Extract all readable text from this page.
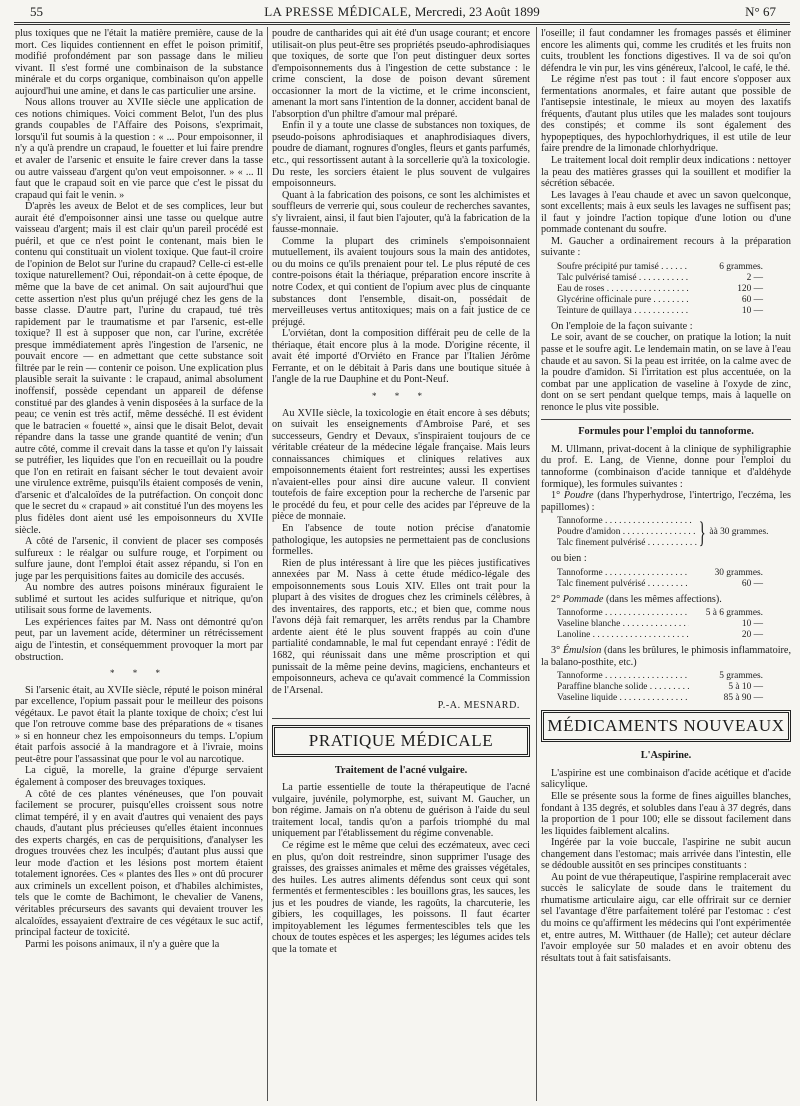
55	LA PRESSE MÉDICALE, Mercredi, 23 Août 1899	N° 67

plus toxiques que ne l'était la matière première, cause de la mort. Ces liquides contiennent en effet le poison primitif, modifié profondément par son passage dans le milieu vivant. Il s'est formé une combinaison de la substance minérale et du corps organique, combinaison qu'on appelle aujourd'hui une amine, et dans le cas particulier une arsine.

Nous allons trouver au XVIIe siècle une application de ces notions chimiques. Voici comment Belot, l'un des plus grands coupables de l'Affaire des Poisons, s'exprimait, lorsqu'il fut soumis à la question : « ... Pour empoisonner, il n'y a qu'à prendre un crapaud, le fouetter et lui faire prendre et avaler de l'arsenic et ensuite le faire crever dans la tasse ou autre vaisseau d'argent qu'on veut empoisonner. » « ... Il faut que le crapaud soit en vie parce que c'est le pissat du crapaud qui fait le venin. »

D'après les aveux de Belot et de ses complices, leur but aurait été d'empoisonner ainsi une tasse ou quelque autre vaisseau d'argent; mais il est clair qu'un pareil procédé est puéril, et que ce n'est point le contenant, mais bien le contenu qui constituait un violent toxique. Que faut-il croire de l'opinion de Belot sur l'urine du crapaud? Celle-ci est-elle toxique naturellement? Oui, répondait-on à cette époque, de même que la bave de cet animal. On sait aujourd'hui que cette assertion n'est plus qu'un préjugé chez les gens de la basse classe. D'autre part, l'urine du crapaud, tué très rapidement par le traumatisme et par l'arsenic, est-elle toxique? Il est à supposer que non, car l'urine, excrétée presque immédiatement après l'ingestion de l'arsenic, ne pouvait encore — en admettant que cette substance soit filtrée par le rein — contenir ce poison. Une explication plus plausible serait la suivante : le crapaud, animal absolument inoffensif, possède cependant un appareil de défense constitué par des glandes à venin disposées à la surface de la peau; ce venin est très actif, même desséché. Il est évident que le batracien « fouetté », ainsi que le disait Belot, devait répandre dans la tasse une grande quantité de venin; d'un autre côté, comme il crevait dans la tasse et qu'on l'y laissait se putréfier, les liquides que l'on en recueillait ou la poudre que l'on en retirait en faisant sécher le tout devaient avoir une virulence extrême, puisqu'ils étaient composés de venin, d'arsenic et d'alcaloïdes de la putréfaction. On conçoit donc que le secret du « crapaud » ait constitué l'un des moyens les plus fidèles dont aient usé les empoisonneurs du XVIIe siècle.

A côté de l'arsenic, il convient de placer ses composés sulfureux : le réalgar ou sulfure rouge, et l'orpiment ou sulfure jaune, dont l'emploi était assez répandu, si l'on en juge par les perquisitions faites au domicile des accusés.

Au nombre des autres poisons minéraux figuraient le sublimé et surtout les acides sulfurique et nitrique, qu'on utilisait sous forme de lavements.

Les expériences faites par M. Nass ont démontré qu'on peut, par un lavement acide, déterminer un rétrécissement aigu de l'intestin, et conséquemment provoquer la mort par obstruction.

* * *

Si l'arsenic était, au XVIIe siècle, réputé le poison minéral par excellence, l'opium passait pour le meilleur des poisons végétaux. Le pavot était la plante toxique de choix; c'est lui que l'on retrouve comme base des préparations de « tisanes » si en honneur chez les empoisonneurs du temps. L'opium était parfois associé à la mandragore et à l'ivraie, moins peut-être pour l'assassinat que pour le vol au narcotique.

La ciguë, la morelle, la graine d'épurge servaient également à composer des breuvages toxiques.

A côté de ces plantes vénéneuses, que l'on pouvait facilement se procurer, puisqu'elles croissent sous notre climat tempéré, il y en avait d'autres qui venaient des pays chauds, d'autant plus précieuses qu'elles étaient inconnues des experts chargés, en cas de perquisitions, d'analyser les drogues trouvées chez les inculpés; d'autant plus aussi que leur mode d'action et les lésions post mortem étaient totalement ignorées. Ces « plantes des Iles » ont dû procurer aux criminels un excellent poison, et d'habiles alchimistes, tels que le comte de Bachimont, le chevalier de Vanens, véritables précurseurs des savants qui devaient trouver les alcaloïdes, essayaient d'extraire de ces végétaux le suc actif, principal facteur de toxicité.

Parmi les poisons animaux, il n'y a guère que la

poudre de cantharides qui ait été d'un usage courant; et encore utilisait-on plus peut-être ses propriétés pseudo-aphrodisiaques que toxiques, de sorte que l'on peut distinguer deux sortes d'empoisonnements dus à l'ingestion de cette substance : le crime conscient, la dose de poison devant sûrement occasionner la mort de la victime, et le crime inconscient, amenant la mort sans l'intention de la donner, accident banal de l'absorption d'un philtre d'amour mal préparé.

Enfin il y a toute une classe de substances non toxiques, de pseudo-poisons aphrodisiaques et anaphrodisiaques divers, poudre de diamant, rognures d'ongles, fleurs et gants parfumés, etc., qui ressortissent autant à la sorcellerie qu'à la toxicologie. Du reste, les sorciers étaient le plus souvent de vulgaires empoisonneurs.

Quant à la fabrication des poisons, ce sont les alchimistes et souffleurs de verrerie qui, sous couleur de recherches savantes, s'y livraient, ainsi, il faut bien l'ajouter, qu'à la fabrication de la fausse-monnaie.

Comme la plupart des criminels s'empoisonnaient mutuellement, ils avaient toujours sous la main des antidotes, ou du moins ce qu'ils prenaient pour tel. Le plus réputé de ces contre-poisons était la thériaque, préparation encore inscrite à notre Codex, et qui contient de l'opium avec plus de cinquante substances dont l'ensemble, disait-on, possédait de merveilleuses vertus antitoxiques; mais on a fait justice de ce préjugé.

L'orviétan, dont la composition différait peu de celle de la thériaque, était encore plus à la mode. D'origine récente, il avait été importé d'Orviéto en France par l'Italien Jérôme Ferrante, et on le débitait à Paris dans une boutique située à l'angle de la rue Dauphine et du Pont-Neuf.

* * *

Au XVIIe siècle, la toxicologie en était encore à ses débuts; on suivait les enseignements d'Ambroise Paré, et ses successeurs, Gendry et Devaux, s'inspiraient toujours de ce véritable créateur de la médecine légale française. Mais leurs connaissances chimiques et cliniques relatives aux empoisonnements étaient fort restreintes; aussi les expertises n'avaient-elles pour ainsi dire aucune valeur. Il convient toutefois de faire exception pour la recherche de l'arsenic par le procédé du feu, et pour celle des acides par l'épreuve de la pièce de monnaie.

En l'absence de toute notion précise d'anatomie pathologique, les autopsies ne permettaient pas de conclusions formelles.

Rien de plus intéressant à lire que les pièces justificatives annexées par M. Nass à cette étude médico-légale des empoisonnements sous Louis XIV. Elles ont trait pour la plupart à des visites de drogues chez les criminels célèbres, à des inventaires, des rapports, etc.; et bien que, comme nous l'avons déjà fait remarquer, les arrêts rendus par la Chambre ardente aient été le plus souvent frappés au coin d'une partialité condamnable, le mal fut cependant enrayé : l'édit de 1682, qui réunissait dans une même proscription et qui punissait de la même peine devins, magiciens, enchanteurs et empoisonneurs, acheva ce qu'avait commencé la Commission de l'Arsenal.

P.-A. MESNARD.
PRATIQUE MÉDICALE
Traitement de l'acné vulgaire.

La partie essentielle de toute la thérapeutique de l'acné vulgaire, juvénile, polymorphe, est, suivant M. Gaucher, un bon régime. Jamais on n'a obtenu de guérison à l'aide du seul traitement local, tandis qu'on a parfois triomphé du mal uniquement par l'établissement du régime convenable.

Ce régime est le même que celui des eczémateux, avec ceci en plus, qu'on doit restreindre, sinon supprimer l'usage des graisses, des graisses animales et même des graisses végétales, des huiles. Les autres aliments défendus sont ceux qui sont fermentés et fermentescibles : les bouillons gras, les sauces, les jus et les poudres de viande, les ragoûts, la charcuterie, les gibiers, les coquillages, les poissons. Il faut écarter impitoyablement les légumes fermentescibles tels que les choux de toutes espèces et les asperges; les légumes acides tels que la tomate et

l'oseille; il faut condamner les fromages passés et éliminer encore les aliments qui, comme les crudités et les fruits non cuits, troublent les fonctions digestives. Il va de soi qu'on défendra le vin pur, les vins généreux, l'alcool, le café, le thé.

Le régime n'est pas tout : il faut encore s'opposer aux fermentations anormales, et faire autant que possible de l'antisepsie intestinale, le mieux au moyen des laxatifs fréquents, d'autant plus utiles que les malades sont toujours des constipés; et comme ils sont également des hypopeptiques, des hypochlorhydriques, il est utile de leur faire prendre de la limonade chlorhydrique.

Le traitement local doit remplir deux indications : nettoyer la peau des matières grasses qui la souillent et modifier la sécrétion sébacée.

Les lavages à l'eau chaude et avec un savon quelconque, sont excellents; mais à eux seuls les lavages ne suffisent pas; il faut y joindre l'action topique d'une lotion ou d'une pommade contenant du soufre.

M. Gaucher a ordinairement recours à la préparation suivante :

Soufre précipité pur tamisé . . .	6 grammes.
Talc pulvérisé tamisé . . .	2 —
Eau de roses . . .	120 —
Glycérine officinale pure . . .	60 —
Teinture de quillaya . . .	10 —

On l'emploie de la façon suivante :

Le soir, avant de se coucher, on pratique la lotion; la nuit passe et le soufre agit. Le lendemain matin, on se lave à l'eau chaude et au savon. Si la peau est irritée, on la calme avec de la poudre d'amidon. Si l'irritation est plus accentuée, on la combat par une application de vaseline à l'oxyde de zinc, dont on se sert pendant quelque temps, mais à laquelle on renonce le plus vite possible.

Formules pour l'emploi du tannoforme.

M. Ullmann, privat-docent à la clinique de syphiligraphie du prof. E. Lang, de Vienne, donne pour l'emploi du tannoforme (combinaison d'acide tannique et d'aldéhyde formique), les formules suivantes :

1° Poudre (dans l'hyperhydrose, l'intertrigo, l'eczéma, les papillomes) :

Tannoforme . . .
Poudre d'amidon . . .
Talc finement pulvérisé . . .	} àà 30 grammes.

ou bien :

Tannoforme . . .	30 grammes.
Talc finement pulvérisé . . .	60 —

2° Pommade (dans les mêmes affections).

Tannoforme . . .	5 à 6 grammes.
Vaseline blanche . . .	10 —
Lanoline . . .	20 —

3° Émulsion (dans les brûlures, le phimosis inflammatoire, la balano-posthite, etc.)

Tannoforme . . .	5 grammes.
Paraffine blanche solide . . .	5 à 10 —
Vaseline liquide . . .	85 à 90 —
MÉDICAMENTS NOUVEAUX
L'Aspirine.

L'aspirine est une combinaison d'acide acétique et d'acide salicylique.

Elle se présente sous la forme de fines aiguilles blanches, fondant à 135 degrés, et solubles dans l'eau à 37 degrés, dans la proportion de 1 pour 100; elle se dissout facilement dans les liquides faiblement alcalins.

Ingérée par la voie buccale, l'aspirine ne subit aucun changement dans l'estomac; mais arrivée dans l'intestin, elle se dédouble aussitôt en ses principes constituants :

Au point de vue thérapeutique, l'aspirine remplacerait avec succès le salicylate de soude dans le traitement du rhumatisme articulaire aigu, car elle offrirait sur ce dernier sel l'avantage d'être parfaitement toléré par l'estomac : c'est du moins ce qu'affirment les médecins qui l'ont expérimentée et, entre autres, M. Witthauer (de Halle); cet auteur déclare l'avoir employée sur 50 malades et en avoir obtenu des résultats tout à fait satisfaisants.
